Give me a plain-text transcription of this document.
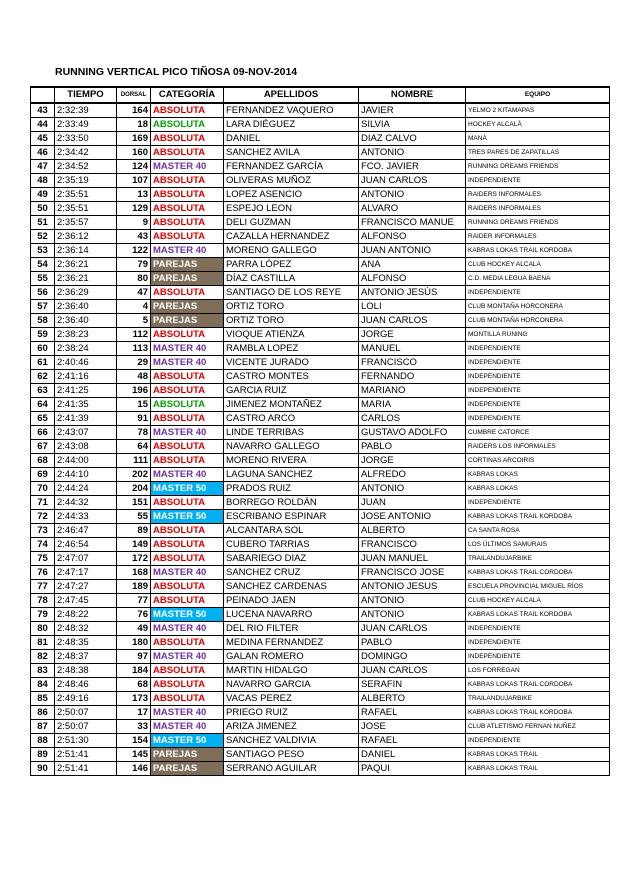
RUNNING VERTICAL PICO TIÑOSA 09-NOV-2014
	TIEMPO	DORSAL	CATEGORÍA	APELLIDOS	NOMBRE	EQUIPO
43	2:32:39	164	ABSOLUTA	FERNANDEZ VAQUERO	JAVIER	YELMO 2 KITAMAPAS
44	2:33:49	18	ABSOLUTA	LARA DIÉGUEZ	SILVIA	HOCKEY ALCALÁ
45	2:33:50	169	ABSOLUTA	DANIEL	DIAZ CALVO	MANÁ
46	2:34:42	160	ABSOLUTA	SANCHEZ AVILA	ANTONIO	TRES PARES DE ZAPATILLAS
47	2:34:52	124	MASTER 40	FERNANDEZ GARCÍA	FCO. JAVIER	RUNNING DREAMS FRIENDS
48	2:35:19	107	ABSOLUTA	OLIVERAS MUÑOZ	JUAN CARLOS	INDEPENDIENTE
49	2:35:51	13	ABSOLUTA	LOPEZ ASENCIO	ANTONIO	RAIDERS INFORMALES
50	2:35:51	129	ABSOLUTA	ESPEJO LEON	ALVARO	RAIDERS INFORMALES
51	2:35:57	9	ABSOLUTA	DELI GUZMAN	FRANCISCO MANUE	RUNNING DREAMS FRIENDS
52	2:36:12	43	ABSOLUTA	CAZALLA HERNANDEZ	ALFONSO	RAIDER INFORMALES
53	2:36:14	122	MASTER 40	MORENO GALLEGO	JUAN ANTONIO	KABRAS LOKAS TRAIL KORDOBA
54	2:36:21	79	PAREJAS	PARRA LÓPEZ	ANA	CLUB HOCKEY ALCALA
55	2:36:21	80	PAREJAS	DÍAZ CASTILLA	ALFONSO	C.D. MEDIA LEGUA BAENA
56	2:36:29	47	ABSOLUTA	SANTIAGO DE LOS REYE	ANTONIO JESÚS	INDEPENDIENTE
57	2:36:40	4	PAREJAS	ORTIZ TORO	LOLI	CLUB MONTAÑA HORCONERA
58	2:36:40	5	PAREJAS	ORTIZ TORO	JUAN CARLOS	CLUB MONTAÑA HORCONERA
59	2:38:23	112	ABSOLUTA	VIOQUE ATIENZA	JORGE	MONTILLA RUNING
60	2:38:24	113	MASTER 40	RAMBLA LOPEZ	MANUEL	INDEPENDIENTE
61	2:40:46	29	MASTER 40	VICENTE JURADO	FRANCISCO	INDEPENDIENTE
62	2:41:16	48	ABSOLUTA	CASTRO MONTES	FERNANDO	INDEPENDIENTE
63	2:41:25	196	ABSOLUTA	GARCIA RUIZ	MARIANO	INDEPENDIENTE
64	2:41:35	15	ABSOLUTA	JIMENEZ MONTAÑEZ	MARIA	INDEPENDIENTE
65	2:41:39	91	ABSOLUTA	CASTRO ARCO	CARLOS	INDEPENDIENTE
66	2:43:07	78	MASTER 40	LINDE TERRIBAS	GUSTAVO ADOLFO	CUMBRE CATORCE
67	2:43:08	64	ABSOLUTA	NAVARRO GALLEGO	PABLO	RAIDERS LOS INFORMALES
68	2:44:00	111	ABSOLUTA	MORENO RIVERA	JORGE	CORTINAS ARCOIRIS
69	2:44:10	202	MASTER 40	LAGUNA SANCHEZ	ALFREDO	KABRAS LOKAS
70	2:44:24	204	MASTER 50	PRADOS RUIZ	ANTONIO	KABRAS LOKAS
71	2:44:32	151	ABSOLUTA	BORREGO ROLDÁN	JUAN	INDEPENDIENTE
72	2:44:33	55	MASTER 50	ESCRIBANO ESPINAR	JOSE ANTONIO	KABRAS LOKAS TRAIL KORDOBA
73	2:46:47	89	ABSOLUTA	ALCANTARA SOL	ALBERTO	CA SANTA ROSA
74	2:46:54	149	ABSOLUTA	CUBERO TARRIAS	FRANCISCO	LOS ÚLTIMOS SAMURAIS
75	2:47:07	172	ABSOLUTA	SABARIEGO DIAZ	JUAN MANUEL	TRAILANDUJARBIKE
76	2:47:17	168	MASTER 40	SANCHEZ CRUZ	FRANCISCO JOSE	KABRAS LOKAS TRAIL CORDOBA
77	2:47:27	189	ABSOLUTA	SANCHEZ CARDENAS	ANTONIO JESUS	ESCUELA PROVINCIAL MIGUEL RÍOS
78	2:47:45	77	ABSOLUTA	PEINADO JAEN	ANTONIO	CLUB HOCKEY ALCALA
79	2:48:22	76	MASTER 50	LUCENA NAVARRO	ANTONIO	KABRAS LOKAS TRAIL KORDOBA
80	2:48:32	49	MASTER 40	DEL RIO FILTER	JUAN CARLOS	INDEPENDIENTE
81	2:48:35	180	ABSOLUTA	MEDINA FERNANDEZ	PABLO	INDEPENDIENTE
82	2:48:37	97	MASTER 40	GALAN ROMERO	DOMINGO	INDEPENDIENTE
83	2:48:38	184	ABSOLUTA	MARTIN HIDALGO	JUAN CARLOS	LOS FORREGAN
84	2:48:46	68	ABSOLUTA	NAVARRO GARCIA	SERAFIN	KABRAS LOKAS TRAIL CORDOBA
85	2:49:16	173	ABSOLUTA	VACAS PEREZ	ALBERTO	TRAILANDUJARBIKE
86	2:50:07	17	MASTER 40	PRIEGO RUIZ	RAFAEL	KABRAS LOKAS TRAIL KORDOBA
87	2:50:07	33	MASTER 40	ARIZA JIMENEZ	JOSE	CLUB ATLETISMO FERNAN NUÑEZ
88	2:51:30	154	MASTER 50	SANCHEZ VALDIVIA	RAFAEL	INDEPENDIENTE
89	2:51:41	145	PAREJAS	SANTIAGO PESO	DANIEL	KABRAS LOKAS TRAIL
90	2:51:41	146	PAREJAS	SERRANO AGUILAR	PAQUI	KABRAS LOKAS TRAIL
